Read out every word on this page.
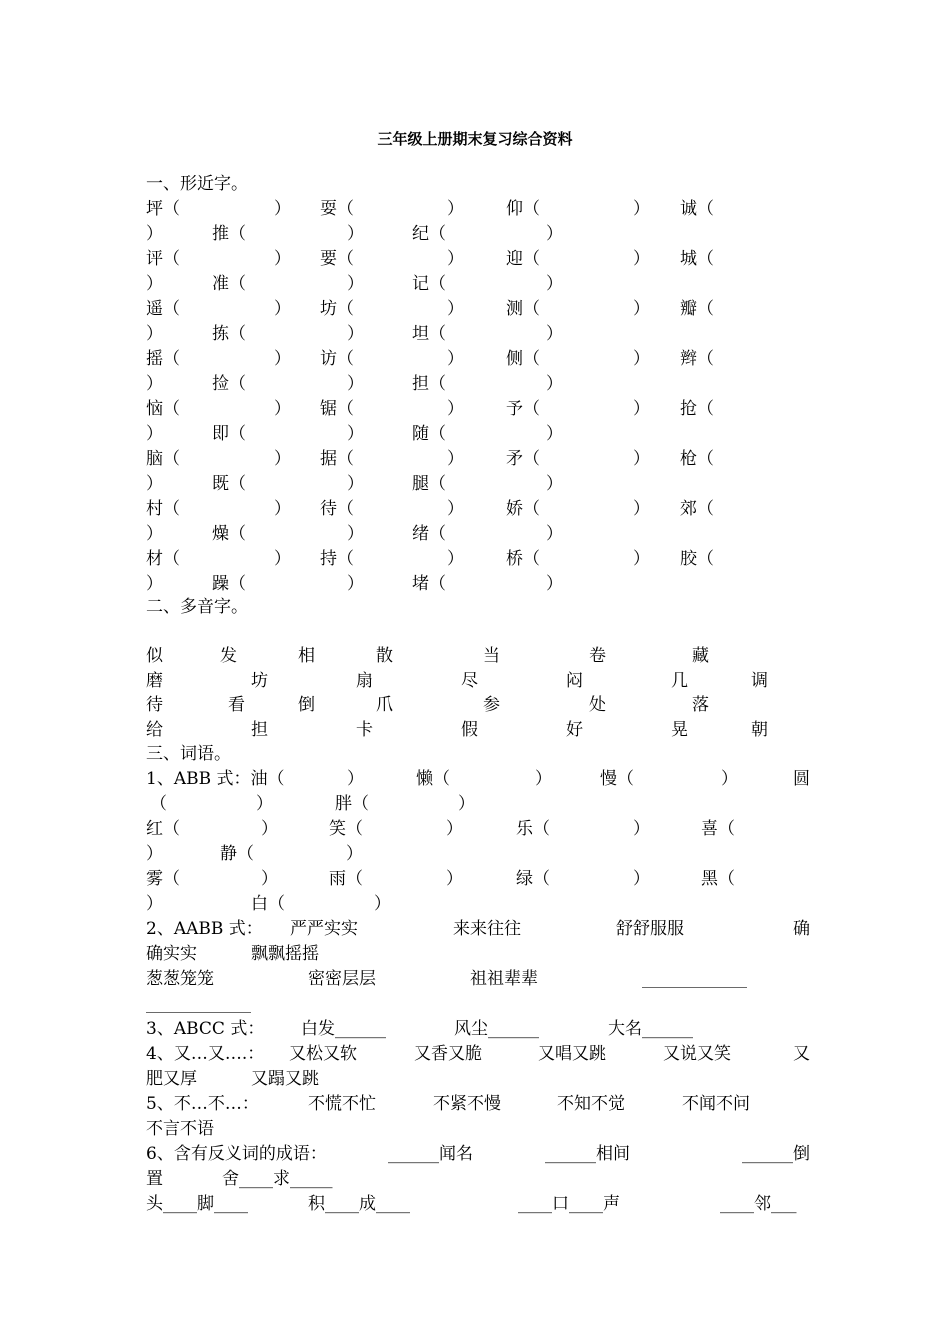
三年级上册期末复习综合资料
一、形近字。
坪（	） 耍（	） 仰（	） 诚（
）	推（	）	纪（	）
评（	） 要（	） 迎（	） 城（
）	准（	）	记（	）
遥（	） 坊（	） 测（	） 瓣（
）	拣（	）	坦（	）
摇（	） 访（	） 侧（	） 辫（
）	捡（	）	担（	）
恼（	） 锯（	） 予（	） 抢（
）	即（	）	随（	）
脑（	） 据（	） 矛（	） 枪（
）	既（	）	腿（	）
村（	） 待（	） 娇（	） 郊（
）	燥（	）	绪（	）
材（	） 持（	） 桥（	） 胶（
）	躁（	）	堵（	）
二、多音字。
似	发	相	散	当	卷	藏
磨	坊	扇	尽	闷	几	调
待	看	倒	爪	参	处	落
给	担	卡	假	好	晃	朝
三、词语。
1、ABB 式：油（	）	懒（	）	慢（	）	圆
（	）	胖（	）
红（	）	笑（	）	乐（	）	喜（
）	静（	）
雾（	）	雨（	）	绿（	）	黑（
）	白（	）
2、AABB 式： 严严实实	来来往往	舒舒服服	确
确实实	飘飘摇摇
葱葱笼笼	密密层层	祖祖辈辈	______________
______________
3、ABCC 式： 白发______	风尘______	大名______
4、又…又….： 又松又软	又香又脆	又唱又跳	又说又笑	又
肥又厚	又蹋又跳
5、不…不…：	不慌不忙	不紧不慢	不知不觉	不闻不问
不言不语
6、含有反义词的成语：	______闻名	______相间	______倒
置	舍____求_____
头____脚____	积____成____	____口____声	____邻___
